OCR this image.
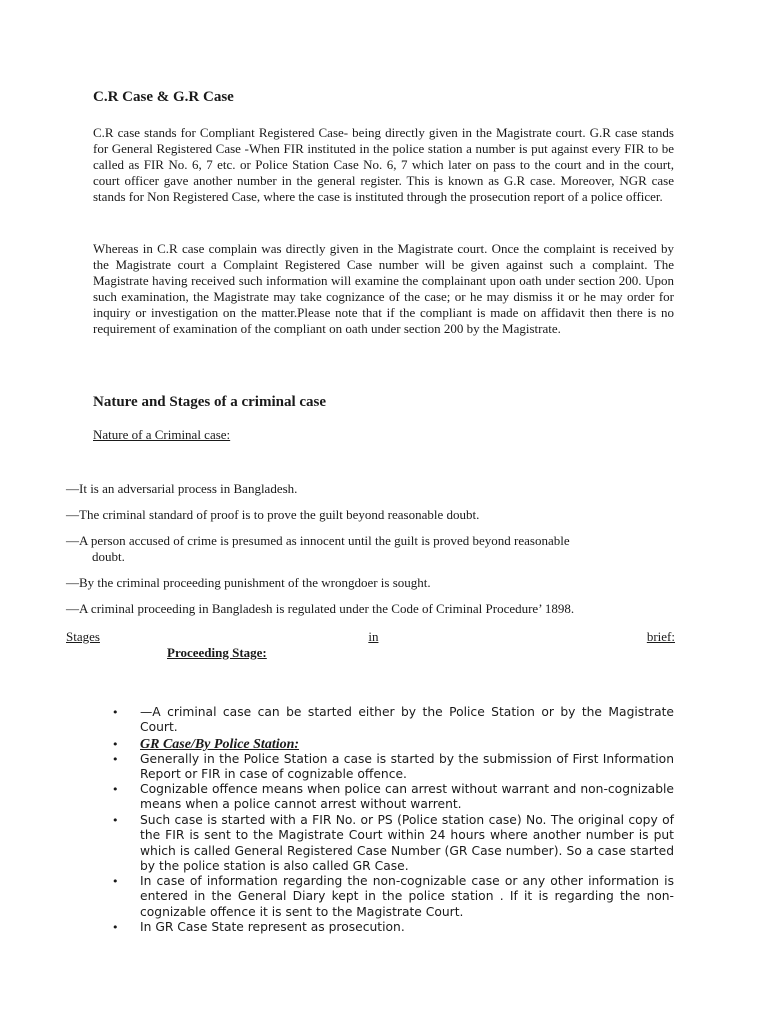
C.R Case & G.R Case

C.R case stands for Compliant Registered Case- being directly given in the Magistrate court. G.R case stands for General Registered Case -When FIR instituted in the police station a number is put against every FIR to be called as FIR No. 6, 7 etc. or Police Station Case No. 6, 7 which later on pass to the court and in the court, court officer gave another number in the general register. This is known as G.R case. Moreover, NGR case stands for Non Registered Case, where the case is instituted through the prosecution report of a police officer.

Whereas in C.R case complain was directly given in the Magistrate court. Once the complaint is received by the Magistrate court a Complaint Registered Case number will be given against such a complaint. The Magistrate having received such information will examine the complainant upon oath under section 200. Upon such examination, the Magistrate may take cognizance of the case; or he may dismiss it or he may order for inquiry or investigation on the matter.Please note that if the compliant is made on affidavit then there is no requirement of examination of the compliant on oath under section 200 by the Magistrate.

Nature and Stages of a criminal case
Nature of a Criminal case:

—It is an adversarial process in Bangladesh.

—The criminal standard of proof is to prove the guilt beyond reasonable doubt.

—A person accused of crime is presumed as innocent until the guilt is proved beyond reasonable
doubt.

—By the criminal proceeding punishment of the wrongdoer is sought.

—A criminal proceeding in Bangladesh is regulated under the Code of Criminal Procedure’ 1898.

Stages	in	brief:
Proceeding Stage:
•	—A criminal case can be started either by the Police Station or by the Magistrate Court.
•	GR Case/By Police Station:
•	Generally in the Police Station a case is started by the submission of First Information Report or FIR in case of cognizable offence.
•	Cognizable offence means when police can arrest without warrant and non-cognizable means when a police cannot arrest without warrent.
•	Such case is started with a FIR No. or PS (Police station case) No. The original copy of the FIR is sent to the Magistrate Court within 24 hours where another number is put which is called General Registered Case Number (GR Case number). So a case started by the police station is also called GR Case.
•	In case of information regarding the non-cognizable case or any other information is entered in the General Diary kept in the police station . If it is regarding the non-cognizable offence it is sent to the Magistrate Court.
•	In GR Case State represent as prosecution.
